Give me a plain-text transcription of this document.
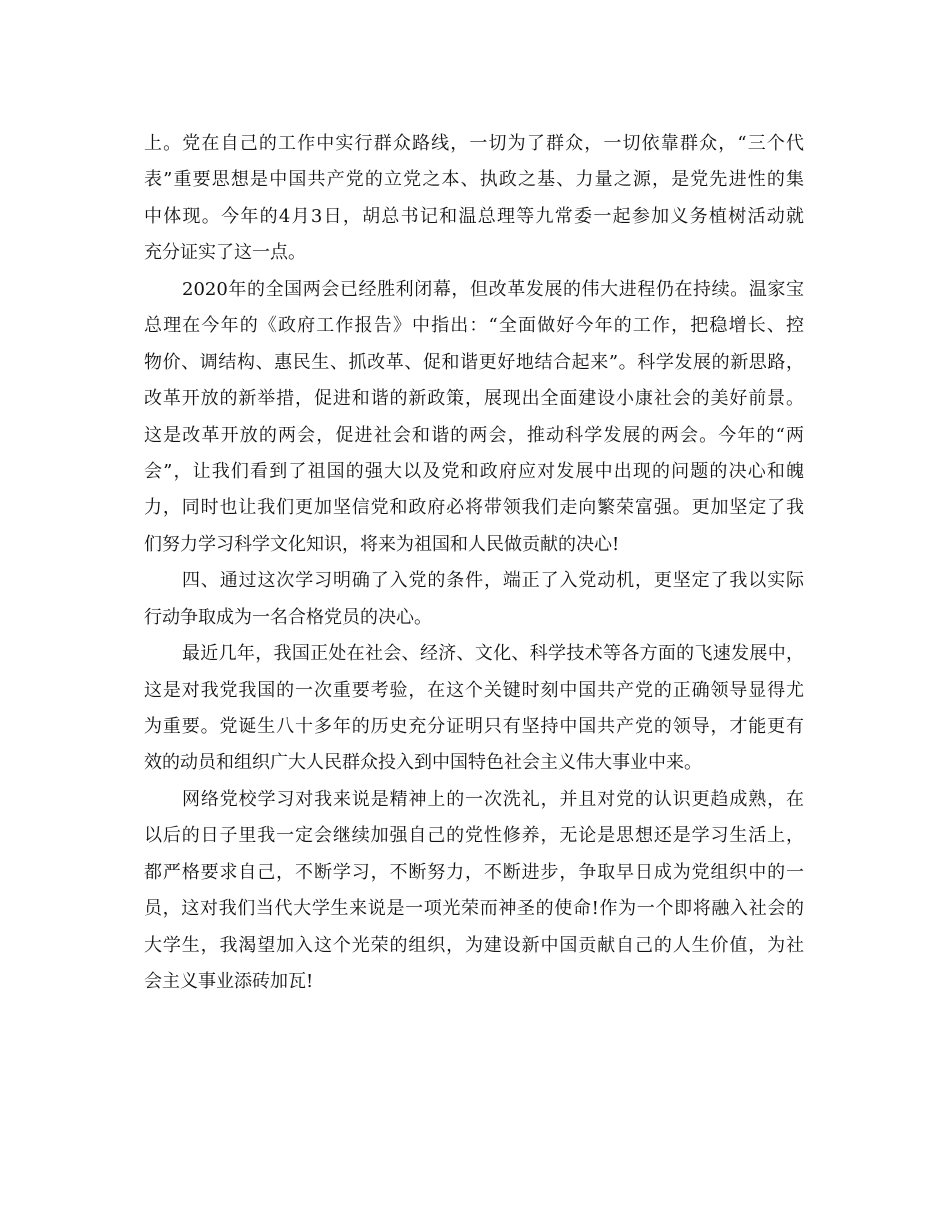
上。党在自己的工作中实行群众路线，一切为了群众，一切依靠群众，“三个代
表”重要思想是中国共产党的立党之本、执政之基、力量之源，是党先进性的集
中体现。今年的4月3日，胡总书记和温总理等九常委一起参加义务植树活动就
充分证实了这一点。
2020年的全国两会已经胜利闭幕，但改革发展的伟大进程仍在持续。温家宝
总理在今年的《政府工作报告》中指出：“全面做好今年的工作，把稳增长、控
物价、调结构、惠民生、抓改革、促和谐更好地结合起来”。科学发展的新思路，
改革开放的新举措，促进和谐的新政策，展现出全面建设小康社会的美好前景。
这是改革开放的两会，促进社会和谐的两会，推动科学发展的两会。今年的“两
会”，让我们看到了祖国的强大以及党和政府应对发展中出现的问题的决心和魄
力，同时也让我们更加坚信党和政府必将带领我们走向繁荣富强。更加坚定了我
们努力学习科学文化知识，将来为祖国和人民做贡献的决心!
四、通过这次学习明确了入党的条件，端正了入党动机，更坚定了我以实际
行动争取成为一名合格党员的决心。
最近几年，我国正处在社会、经济、文化、科学技术等各方面的飞速发展中，
这是对我党我国的一次重要考验，在这个关键时刻中国共产党的正确领导显得尤
为重要。党诞生八十多年的历史充分证明只有坚持中国共产党的领导，才能更有
效的动员和组织广大人民群众投入到中国特色社会主义伟大事业中来。
网络党校学习对我来说是精神上的一次洗礼，并且对党的认识更趋成熟，在
以后的日子里我一定会继续加强自己的党性修养，无论是思想还是学习生活上，
都严格要求自己，不断学习，不断努力，不断进步，争取早日成为党组织中的一
员，这对我们当代大学生来说是一项光荣而神圣的使命!作为一个即将融入社会的
大学生，我渴望加入这个光荣的组织，为建设新中国贡献自己的人生价值，为社
会主义事业添砖加瓦!
